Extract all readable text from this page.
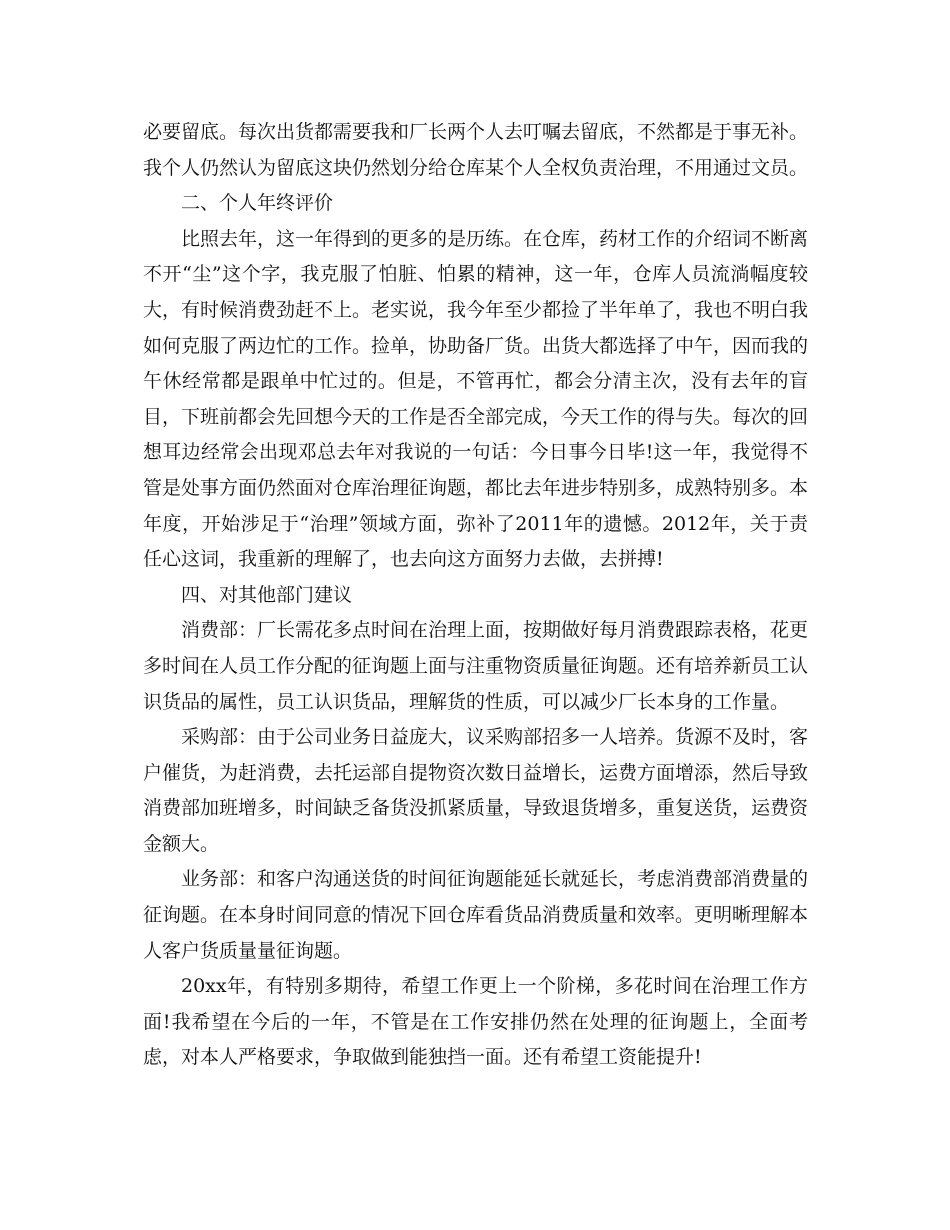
必要留底。每次出货都需要我和厂长两个人去叮嘱去留底，不然都是于事无补。我个人仍然认为留底这块仍然划分给仓库某个人全权负责治理，不用通过文员。

二、个人年终评价

比照去年，这一年得到的更多的是历练。在仓库，药材工作的介绍词不断离不开“尘”这个字，我克服了怕脏、怕累的精神，这一年，仓库人员流淌幅度较大，有时候消费劲赶不上。老实说，我今年至少都捡了半年单了，我也不明白我如何克服了两边忙的工作。捡单，协助备厂货。出货大都选择了中午，因而我的午休经常都是跟单中忙过的。但是，不管再忙，都会分清主次，没有去年的盲目，下班前都会先回想今天的工作是否全部完成，今天工作的得与失。每次的回想耳边经常会出现邓总去年对我说的一句话：今日事今日毕!这一年，我觉得不管是处事方面仍然面对仓库治理征询题，都比去年进步特别多，成熟特别多。本年度，开始涉足于“治理”领域方面，弥补了2011年的遗憾。2012年，关于责任心这词，我重新的理解了，也去向这方面努力去做，去拼搏!

四、对其他部门建议

消费部：厂长需花多点时间在治理上面，按期做好每月消费跟踪表格，花更多时间在人员工作分配的征询题上面与注重物资质量征询题。还有培养新员工认识货品的属性，员工认识货品，理解货的性质，可以减少厂长本身的工作量。

采购部：由于公司业务日益庞大，议采购部招多一人培养。货源不及时，客户催货，为赶消费，去托运部自提物资次数日益增长，运费方面增添，然后导致消费部加班增多，时间缺乏备货没抓紧质量，导致退货增多，重复送货，运费资金额大。

业务部：和客户沟通送货的时间征询题能延长就延长，考虑消费部消费量的征询题。在本身时间同意的情况下回仓库看货品消费质量和效率。更明晰理解本人客户货质量量征询题。

20xx年，有特别多期待，希望工作更上一个阶梯，多花时间在治理工作方面!我希望在今后的一年，不管是在工作安排仍然在处理的征询题上，全面考虑，对本人严格要求，争取做到能独挡一面。还有希望工资能提升!
